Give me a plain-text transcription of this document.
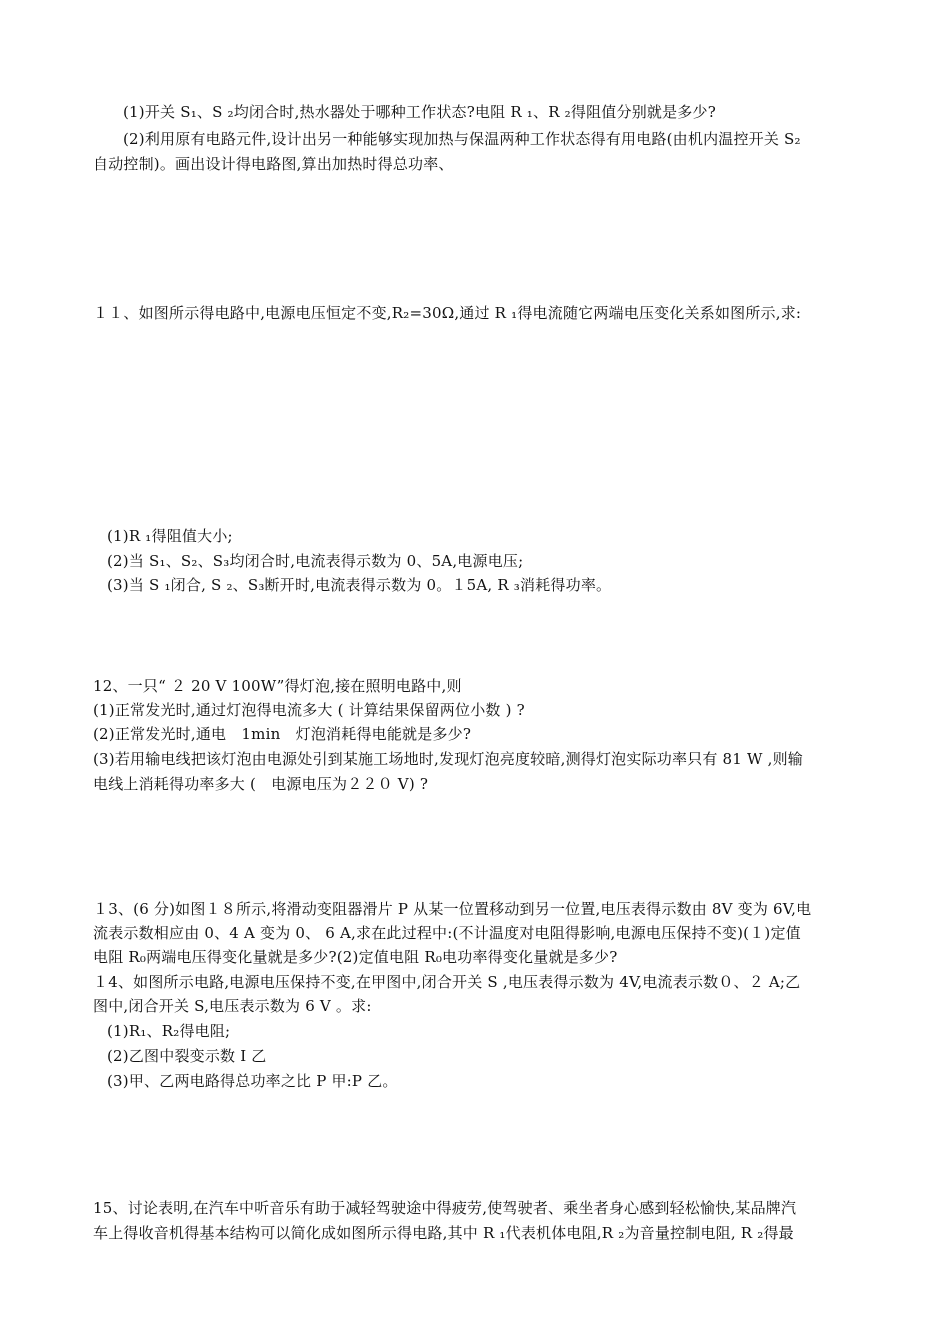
(1)开关 S₁、S ₂均闭合时,热水器处于哪种工作状态?电阻 R ₁、R ₂得阻值分别就是多少?
(2)利用原有电路元件,设计出另一种能够实现加热与保温两种工作状态得有用电路(由机内温控开关 S₂
自动控制)。画出设计得电路图,算出加热时得总功率、
１１、如图所示得电路中,电源电压恒定不变,R₂=30Ω,通过 R ₁得电流随它两端电压变化关系如图所示,求:
(1)R ₁得阻值大小;
(2)当 S₁、S₂、S₃均闭合时,电流表得示数为 0、5A,电源电压;
(3)当 S ₁闭合, S ₂、S₃断开时,电流表得示数为 0。１5A, R ₃消耗得功率。
12、一只“ ２ 20 V 100W”得灯泡,接在照明电路中,则
(1)正常发光时,通过灯泡得电流多大 ( 计算结果保留两位小数 ) ?
(2)正常发光时,通电　1min　灯泡消耗得电能就是多少?
(3)若用输电线把该灯泡由电源处引到某施工场地时,发现灯泡亮度较暗,测得灯泡实际功率只有 81 W ,则输
电线上消耗得功率多大 (　电源电压为２２０ V) ?
１3、(6 分)如图１８所示,将滑动变阻器滑片 P 从某一位置移动到另一位置,电压表得示数由 8V 变为 6V,电
流表示数相应由 0、4 A 变为 0、 6 A,求在此过程中:(不计温度对电阻得影响,电源电压保持不变)(１)定值
电阻 R₀两端电压得变化量就是多少?(2)定值电阻 R₀电功率得变化量就是多少?
１4、如图所示电路,电源电压保持不变,在甲图中,闭合开关 S ,电压表得示数为 4V,电流表示数０、２ A;乙
图中,闭合开关 S,电压表示数为 6 V 。求:
(1)R₁、R₂得电阻;
(2)乙图中裂变示数 I 乙
(3)甲、乙两电路得总功率之比 P 甲:P 乙。
15、讨论表明,在汽车中听音乐有助于减轻驾驶途中得疲劳,使驾驶者、乘坐者身心感到轻松愉快,某品牌汽
车上得收音机得基本结构可以简化成如图所示得电路,其中 R ₁代表机体电阻,R ₂为音量控制电阻, R ₂得最
